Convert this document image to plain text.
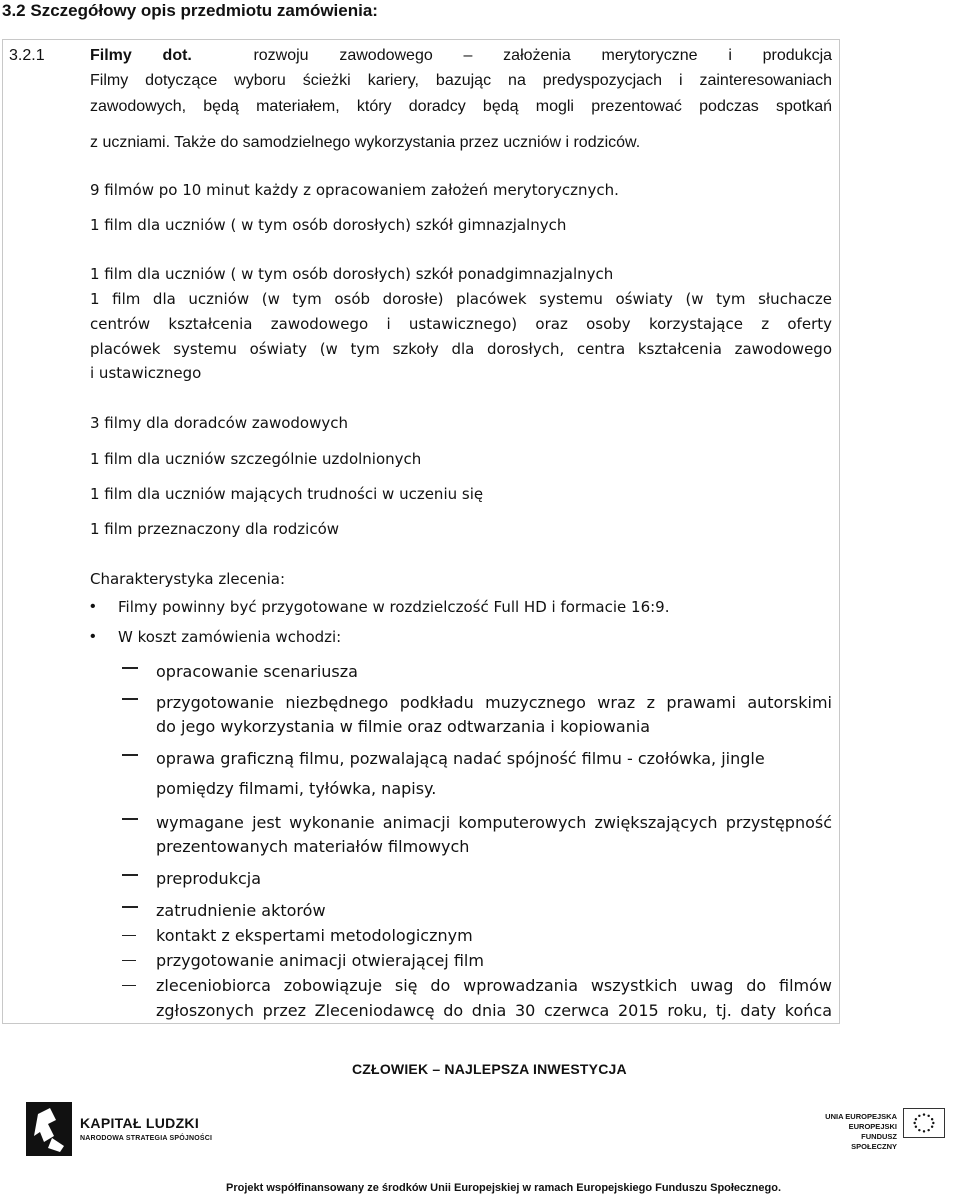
3.2 Szczegółowy opis przedmiotu zamówienia:
3.2.1	Filmy dot.	rozwoju zawodowego – założenia merytoryczne i produkcja
Filmy dotyczące wyboru ścieżki kariery, bazując na predyspozycjach i zainteresowaniach
zawodowych, będą materiałem, który doradcy będą mogli prezentować podczas spotkań
z uczniami. Także do samodzielnego wykorzystania przez uczniów i rodziców.
9 filmów po 10 minut każdy z opracowaniem założeń merytorycznych.
1 film dla uczniów ( w tym osób dorosłych) szkół gimnazjalnych
1 film dla uczniów ( w tym osób dorosłych) szkół ponadgimnazjalnych
1 film dla uczniów (w tym osób dorosłe) placówek systemu oświaty (w tym słuchacze
centrów kształcenia zawodowego i ustawicznego) oraz osoby korzystające z oferty
placówek systemu oświaty (w tym szkoły dla dorosłych, centra kształcenia zawodowego
i ustawicznego
3 filmy dla doradców zawodowych
1 film dla uczniów szczególnie uzdolnionych
1 film dla uczniów mających trudności w uczeniu się
1 film przeznaczony dla rodziców
Charakterystyka zlecenia:
• Filmy powinny być przygotowane w rozdzielczość Full HD i formacie 16:9.
• W koszt zamówienia wchodzi:
opracowanie scenariusza
przygotowanie niezbędnego podkładu muzycznego wraz z prawami autorskimi
do jego wykorzystania w filmie oraz odtwarzania i kopiowania
oprawa graficzną filmu, pozwalającą nadać spójność filmu - czołówka, jingle
pomiędzy filmami, tyłówka, napisy.
wymagane jest wykonanie animacji komputerowych zwiększających przystępność
prezentowanych materiałów filmowych
preprodukcja
zatrudnienie aktorów
kontakt z ekspertami metodologicznym
przygotowanie animacji otwierającej film
zleceniobiorca zobowiązuje się do wprowadzania wszystkich uwag do filmów
zgłoszonych przez Zleceniodawcę do dnia 30 czerwca 2015 roku, tj. daty końca
CZŁOWIEK – NAJLEPSZA INWESTYCJA
KAPITAŁ LUDZKI
NARODOWA STRATEGIA SPÓJNOŚCI
UNIA EUROPEJSKA
EUROPEJSKI
FUNDUSZ SPOŁECZNY
Projekt współfinansowany ze środków Unii Europejskiej w ramach Europejskiego Funduszu Społecznego.
